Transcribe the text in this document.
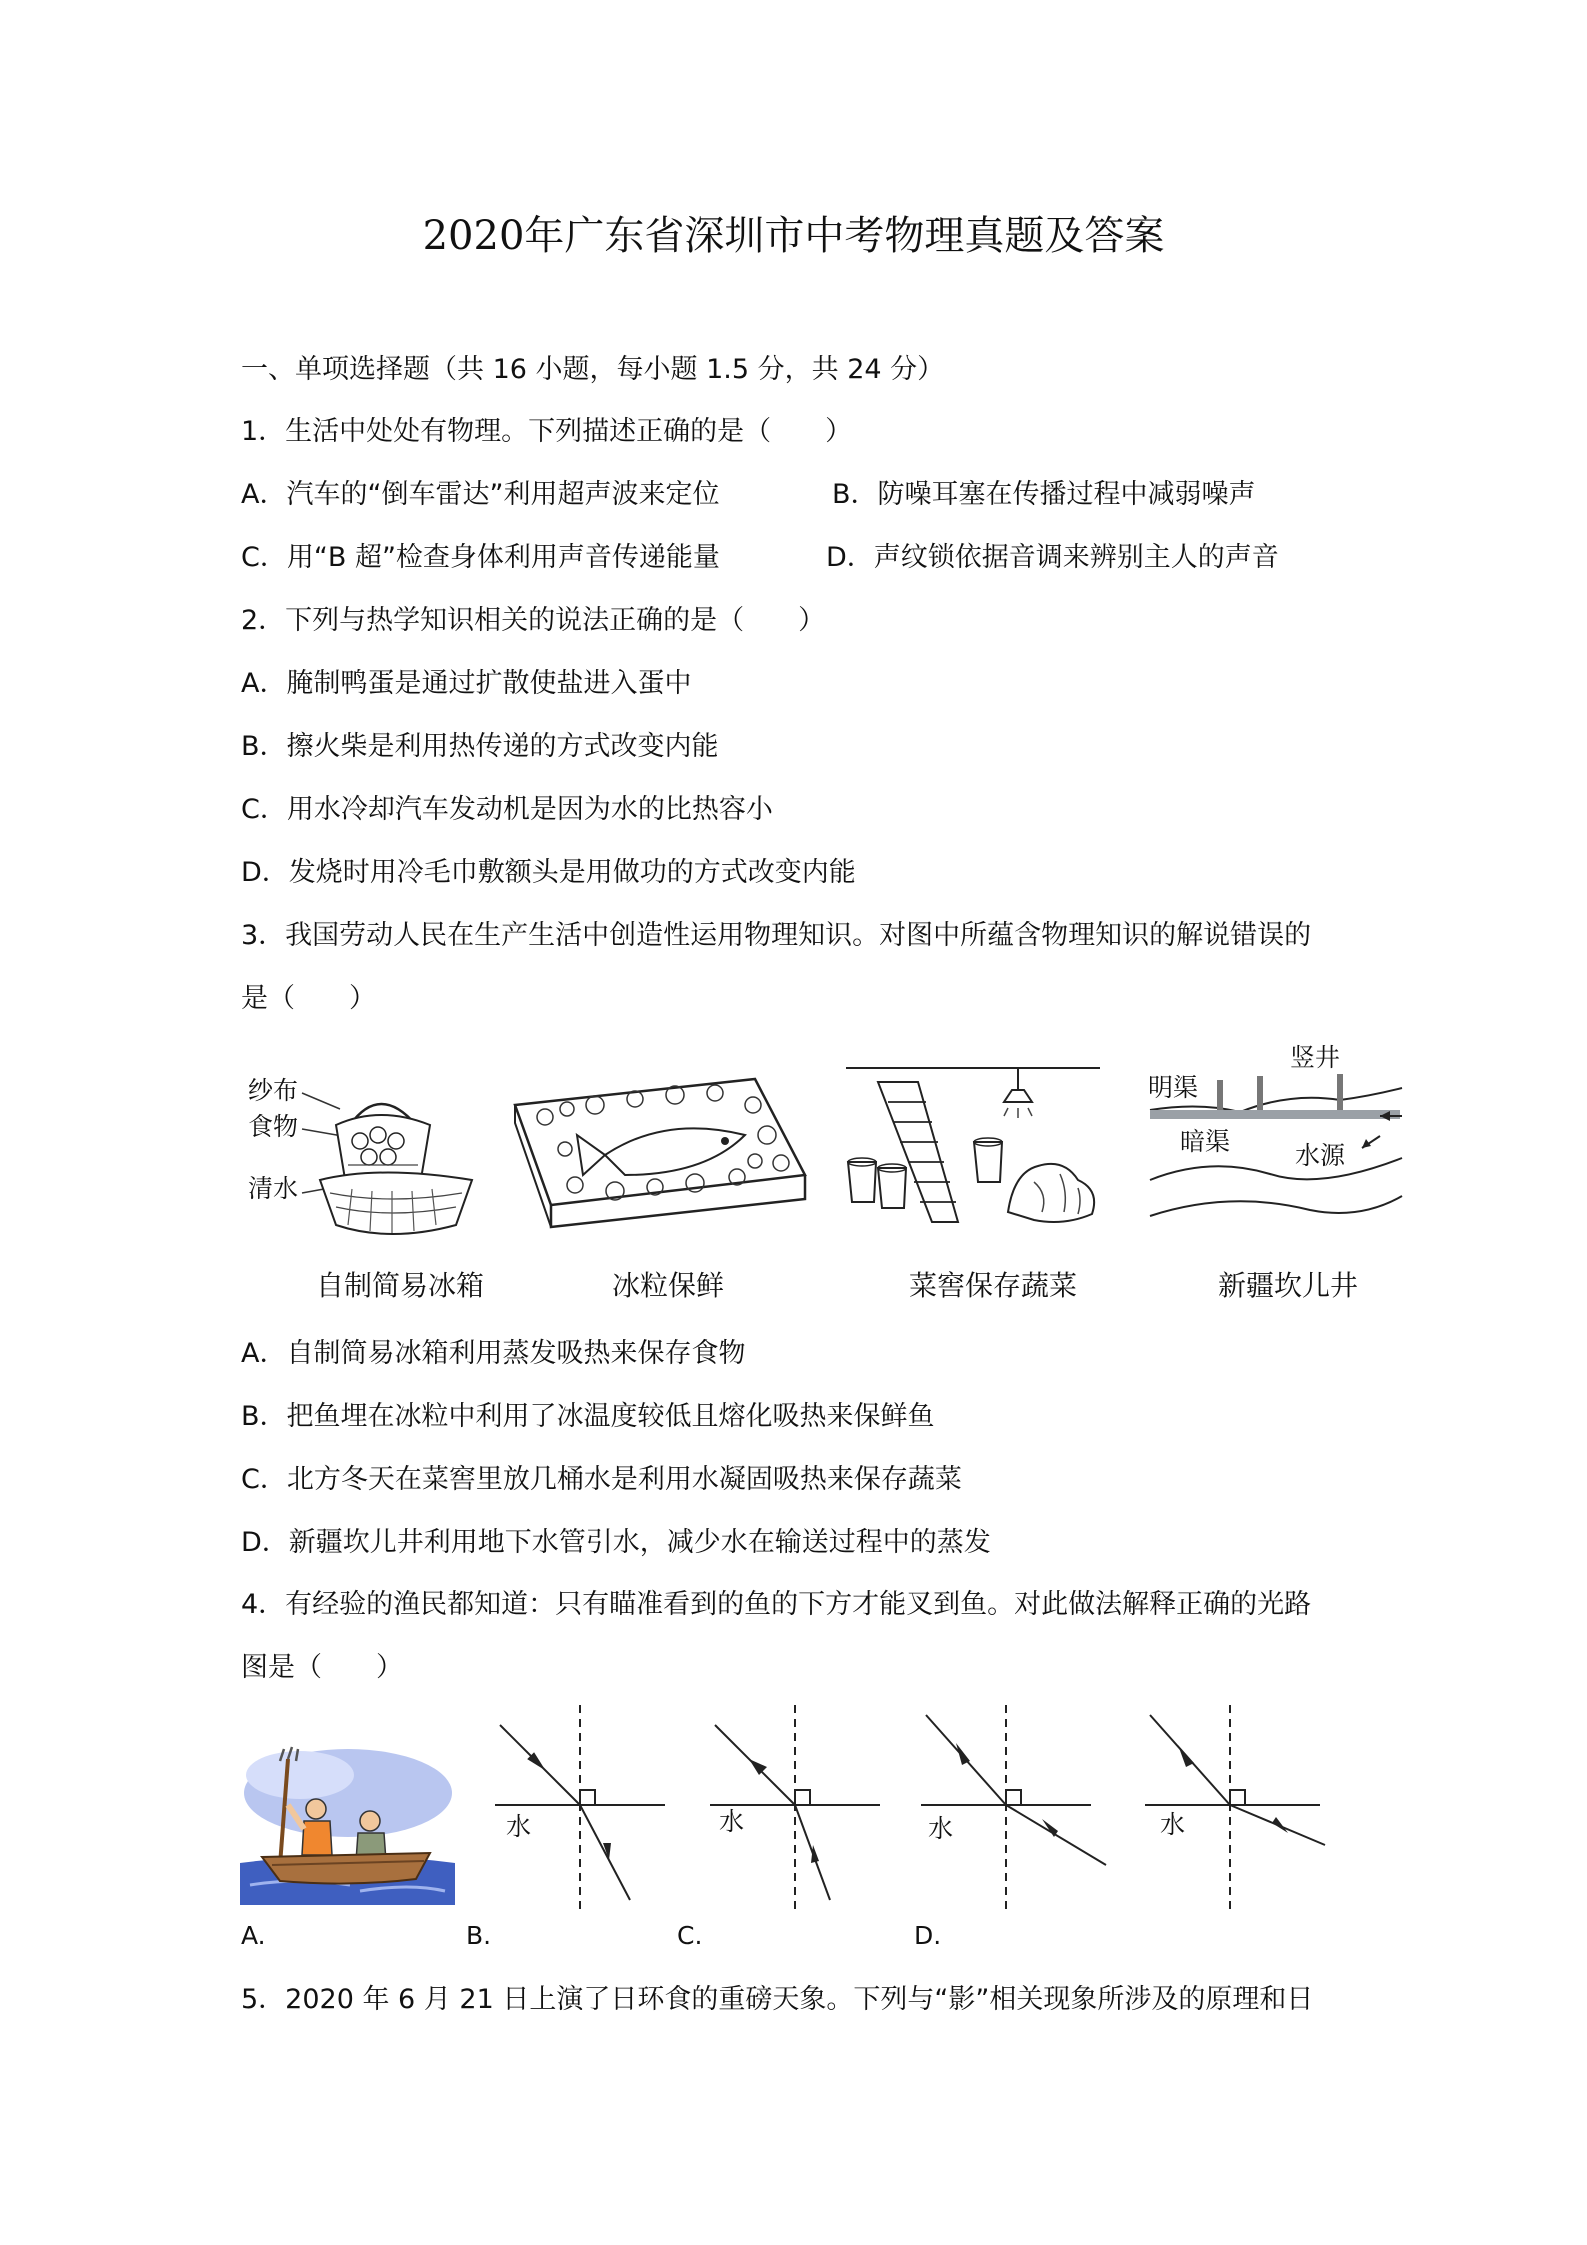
2020年广东省深圳市中考物理真题及答案
一、单项选择题（共 16 小题，每小题 1.5 分，共 24 分）
1．生活中处处有物理。下列描述正确的是（　　）
A．汽车的“倒车雷达”利用超声波来定位	B．防噪耳塞在传播过程中减弱噪声
C．用“B 超”检查身体利用声音传递能量	D．声纹锁依据音调来辨别主人的声音
2．下列与热学知识相关的说法正确的是（　　）
A．腌制鸭蛋是通过扩散使盐进入蛋中
B．擦火柴是利用热传递的方式改变内能
C．用水冷却汽车发动机是因为水的比热容小
D．发烧时用冷毛巾敷额头是用做功的方式改变内能
3．我国劳动人民在生产生活中创造性运用物理知识。对图中所蕴含物理知识的解说错误的
是（　　）
纱布
食物
清水
明渠
竖井
暗渠	水源
自制简易冰箱	冰粒保鲜	菜窖保存蔬菜	新疆坎儿井
A．自制简易冰箱利用蒸发吸热来保存食物
B．把鱼埋在冰粒中利用了冰温度较低且熔化吸热来保鲜鱼
C．北方冬天在菜窖里放几桶水是利用水凝固吸热来保存蔬菜
D．新疆坎儿井利用地下水管引水，减少水在输送过程中的蒸发
4．有经验的渔民都知道：只有瞄准看到的鱼的下方才能叉到鱼。对此做法解释正确的光路
图是（　　）
水	水	水	水
A.	B.	C.	D.
5．2020 年 6 月 21 日上演了日环食的重磅天象。下列与“影”相关现象所涉及的原理和日
